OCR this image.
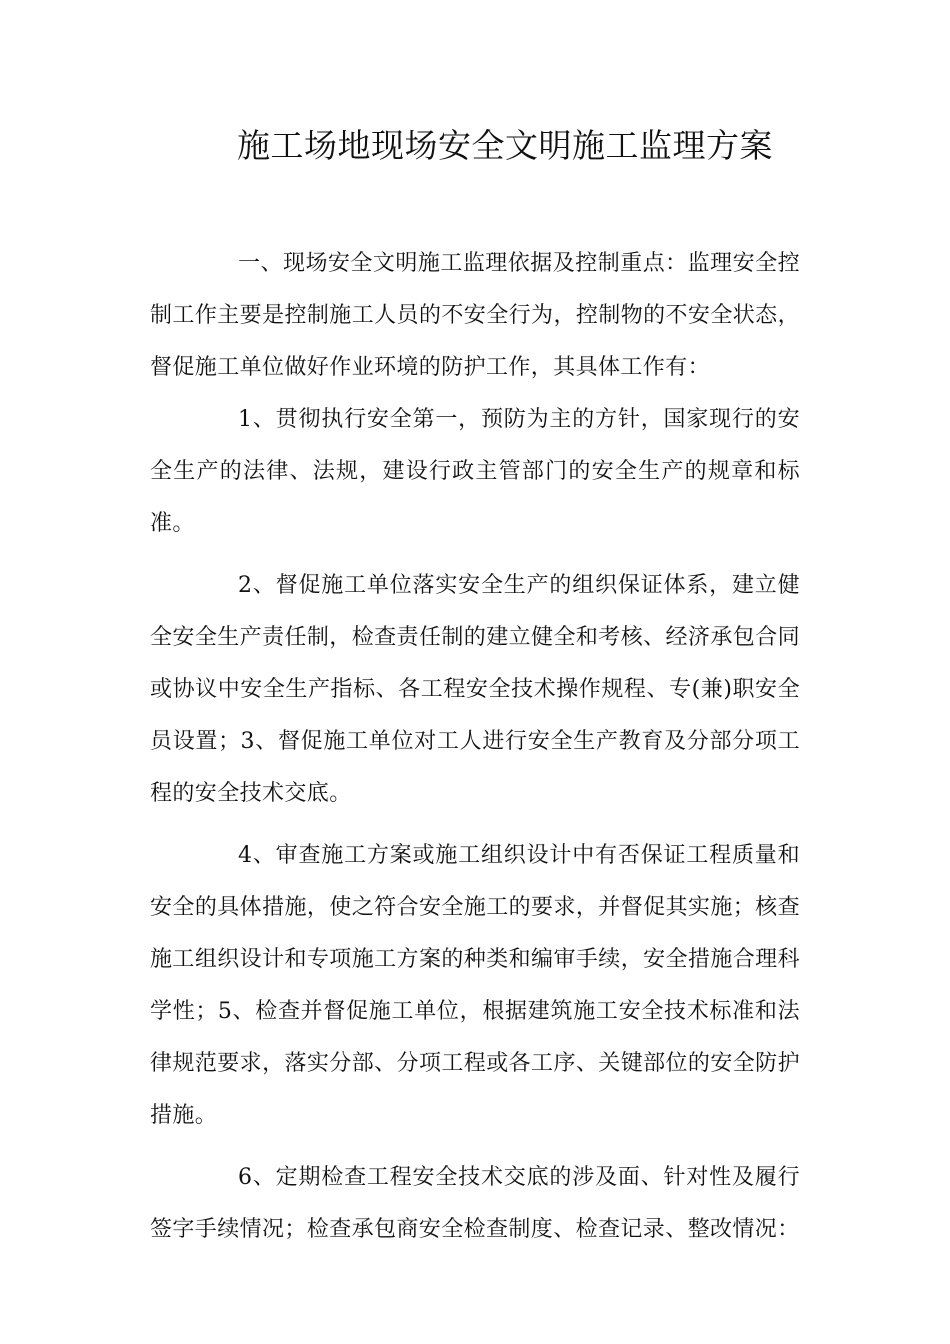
施工场地现场安全文明施工监理方案

一、现场安全文明施工监理依据及控制重点：监理安全控制工作主要是控制施工人员的不安全行为，控制物的不安全状态，督促施工单位做好作业环境的防护工作，其具体工作有：

1、贯彻执行安全第一，预防为主的方针，国家现行的安全生产的法律、法规，建设行政主管部门的安全生产的规章和标准。

2、督促施工单位落实安全生产的组织保证体系，建立健全安全生产责任制，检查责任制的建立健全和考核、经济承包合同或协议中安全生产指标、各工程安全技术操作规程、专(兼)职安全员设置；3、督促施工单位对工人进行安全生产教育及分部分项工程的安全技术交底。

4、审查施工方案或施工组织设计中有否保证工程质量和安全的具体措施，使之符合安全施工的要求，并督促其实施；核查施工组织设计和专项施工方案的种类和编审手续，安全措施合理科学性；5、检查并督促施工单位，根据建筑施工安全技术标准和法律规范要求，落实分部、分项工程或各工序、关键部位的安全防护措施。

6、定期检查工程安全技术交底的涉及面、针对性及履行签字手续情况；检查承包商安全检查制度、检查记录、整改情况：
